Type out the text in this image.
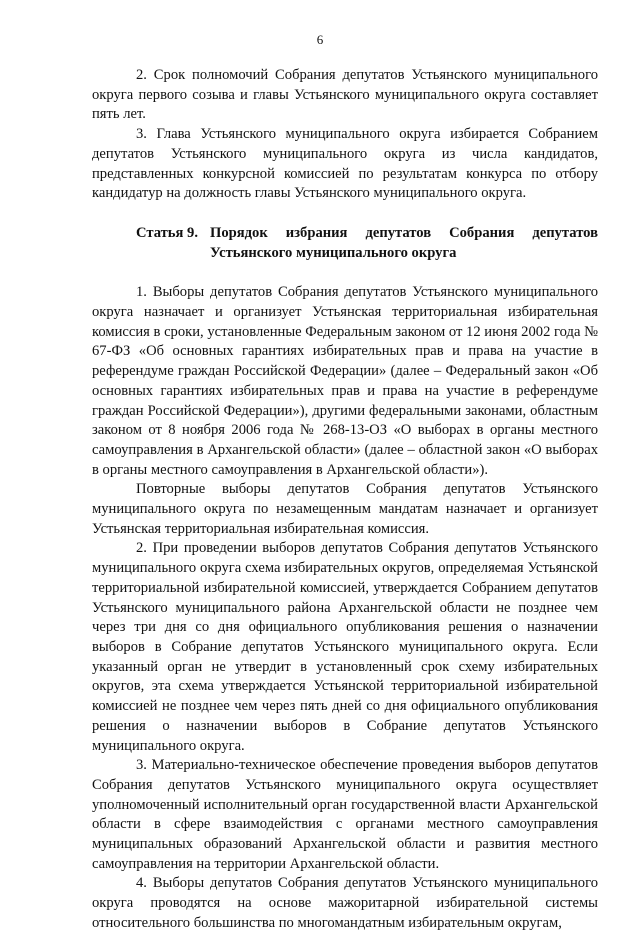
6

2. Срок полномочий Собрания депутатов Устьянского муниципального округа первого созыва и главы Устьянского муниципального округа составляет пять лет.

3. Глава Устьянского муниципального округа избирается Собранием депутатов Устьянского муниципального округа из числа кандидатов, представленных конкурсной комиссией по результатам конкурса по отбору кандидатур на должность главы Устьянского муниципального округа.

Статья 9. Порядок избрания депутатов Собрания депутатов Устьянского муниципального округа

1. Выборы депутатов Собрания депутатов Устьянского муниципального округа назначает и организует Устьянская территориальная избирательная комиссия в сроки, установленные Федеральным законом от 12 июня 2002 года № 67-ФЗ «Об основных гарантиях избирательных прав и права на участие в референдуме граждан Российской Федерации» (далее – Федеральный закон «Об основных гарантиях избирательных прав и права на участие в референдуме граждан Российской Федерации»), другими федеральными законами, областным законом от 8 ноября 2006 года № 268-13-ОЗ «О выборах в органы местного самоуправления в Архангельской области» (далее – областной закон «О выборах в органы местного самоуправления в Архангельской области»).

Повторные выборы депутатов Собрания депутатов Устьянского муниципального округа по незамещенным мандатам назначает и организует Устьянская территориальная избирательная комиссия.

2. При проведении выборов депутатов Собрания депутатов Устьянского муниципального округа схема избирательных округов, определяемая Устьянской территориальной избирательной комиссией, утверждается Собранием депутатов Устьянского муниципального района Архангельской области не позднее чем через три дня со дня официального опубликования решения о назначении выборов в Собрание депутатов Устьянского муниципального округа. Если указанный орган не утвердит в установленный срок схему избирательных округов, эта схема утверждается Устьянской территориальной избирательной комиссией не позднее чем через пять дней со дня официального опубликования решения о назначении выборов в Собрание депутатов Устьянского муниципального округа.

3. Материально-техническое обеспечение проведения выборов депутатов Собрания депутатов Устьянского муниципального округа осуществляет уполномоченный исполнительный орган государственной власти Архангельской области в сфере взаимодействия с органами местного самоуправления муниципальных образований Архангельской области и развития местного самоуправления на территории Архангельской области.

4. Выборы депутатов Собрания депутатов Устьянского муниципального округа проводятся на основе мажоритарной избирательной системы относительного большинства по многомандатным избирательным округам,
